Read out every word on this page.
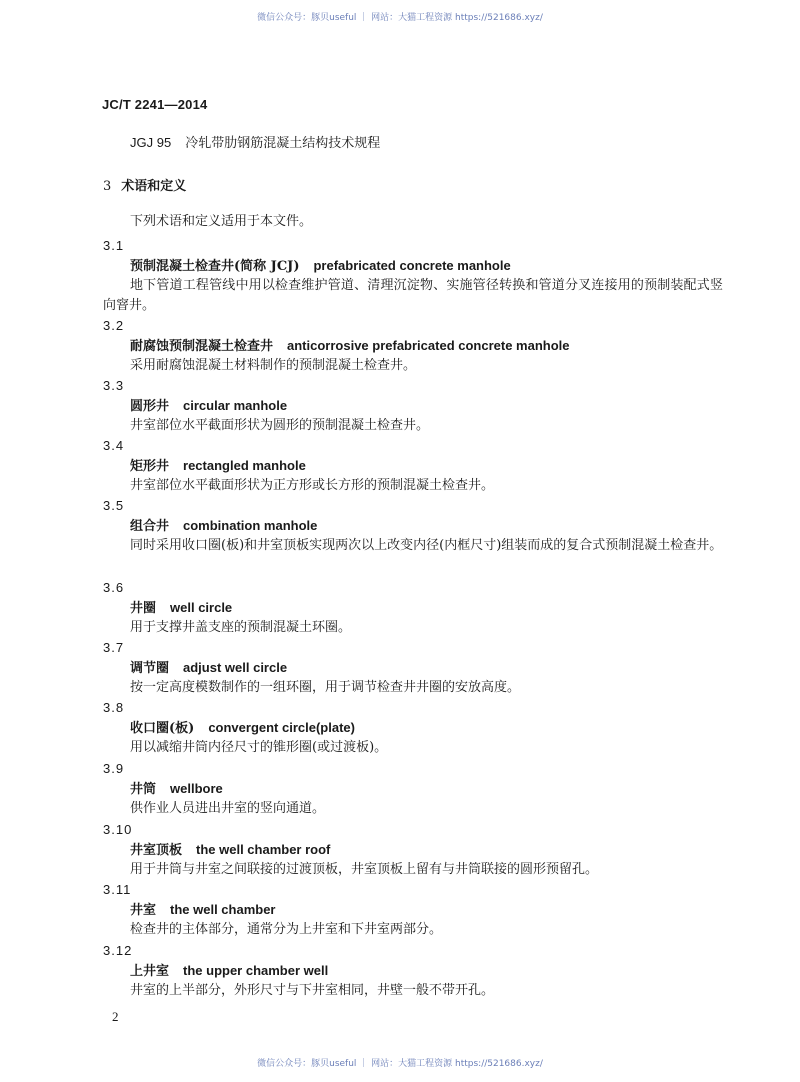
微信公众号：豚贝useful ｜ 网站：大猫工程资源 https://521686.xyz/
JC/T 2241—2014
JGJ 95 冷轧带肋钢筋混凝土结构技术规程
3 术语和定义
下列术语和定义适用于本文件。
3.1
预制混凝土检查井(简称 JCJ) prefabricated concrete manhole
地下管道工程管线中用以检查维护管道、清理沉淀物、实施管径转换和管道分叉连接用的预制装配式竖向窨井。
3.2
耐腐蚀预制混凝土检查井 anticorrosive prefabricated concrete manhole
采用耐腐蚀混凝土材料制作的预制混凝土检查井。
3.3
圆形井 circular manhole
井室部位水平截面形状为圆形的预制混凝土检查井。
3.4
矩形井 rectangled manhole
井室部位水平截面形状为正方形或长方形的预制混凝土检查井。
3.5
组合井 combination manhole
同时采用收口圈(板)和井室顶板实现两次以上改变内径(内框尺寸)组装而成的复合式预制混凝土检查井。
3.6
井圈 well circle
用于支撑井盖支座的预制混凝土环圈。
3.7
调节圈 adjust well circle
按一定高度模数制作的一组环圈，用于调节检查井井圈的安放高度。
3.8
收口圈(板) convergent circle(plate)
用以减缩井筒内径尺寸的锥形圈(或过渡板)。
3.9
井筒 wellbore
供作业人员进出井室的竖向通道。
3.10
井室顶板 the well chamber roof
用于井筒与井室之间联接的过渡顶板，井室顶板上留有与井筒联接的圆形预留孔。
3.11
井室 the well chamber
检查井的主体部分，通常分为上井室和下井室两部分。
3.12
上井室 the upper chamber well
井室的上半部分，外形尺寸与下井室相同，井壁一般不带开孔。
2
微信公众号：豚贝useful ｜ 网站：大猫工程资源 https://521686.xyz/
